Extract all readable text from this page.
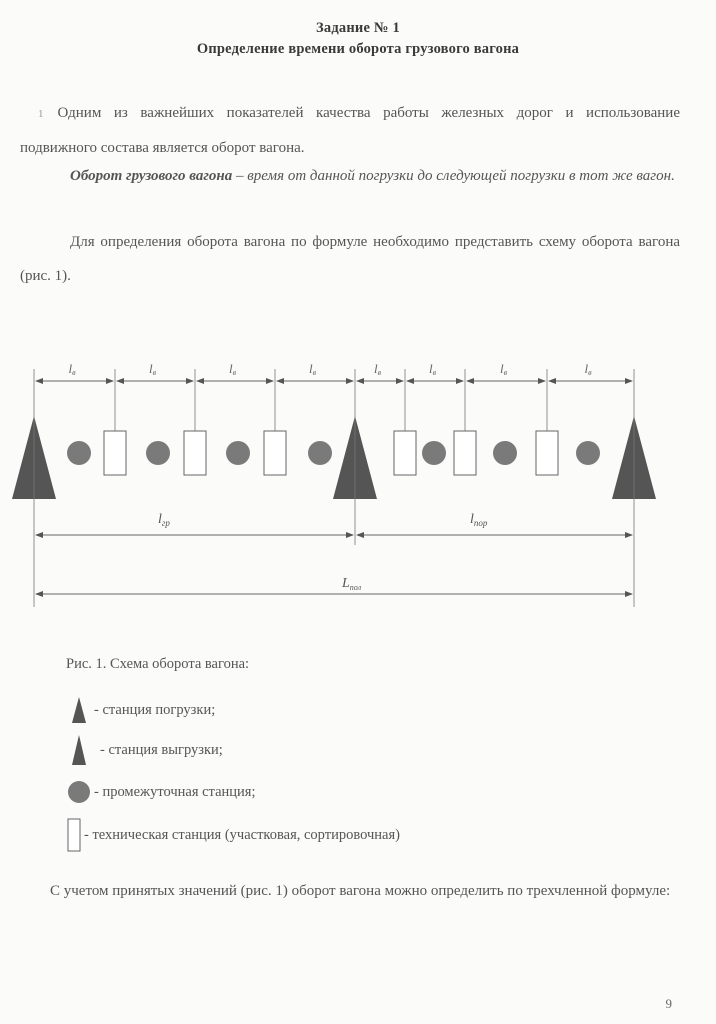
Задание № 1
Определение времени оборота грузового вагона
1 Одним из важнейших показателей качества работы железных дорог и использование подвижного состава является оборот вагона.
Оборот грузового вагона – время от данной погрузки до следующей погрузки в тот же вагон.
Для определения оборота вагона по формуле необходимо представить схему оборота вагона (рис. 1).
lв	lв	lв	lв	lв	lв	lв	lв
$l_{гр}$	$l_{пор}$
$L_{пол}$
Рис. 1. Схема оборота вагона:
- станция погрузки;
- станция выгрузки;
- промежуточная станция;
- техническая станция (участковая, сортировочная)
С учетом принятых значений (рис. 1) оборот вагона можно определить по трехчленной формуле:
9
